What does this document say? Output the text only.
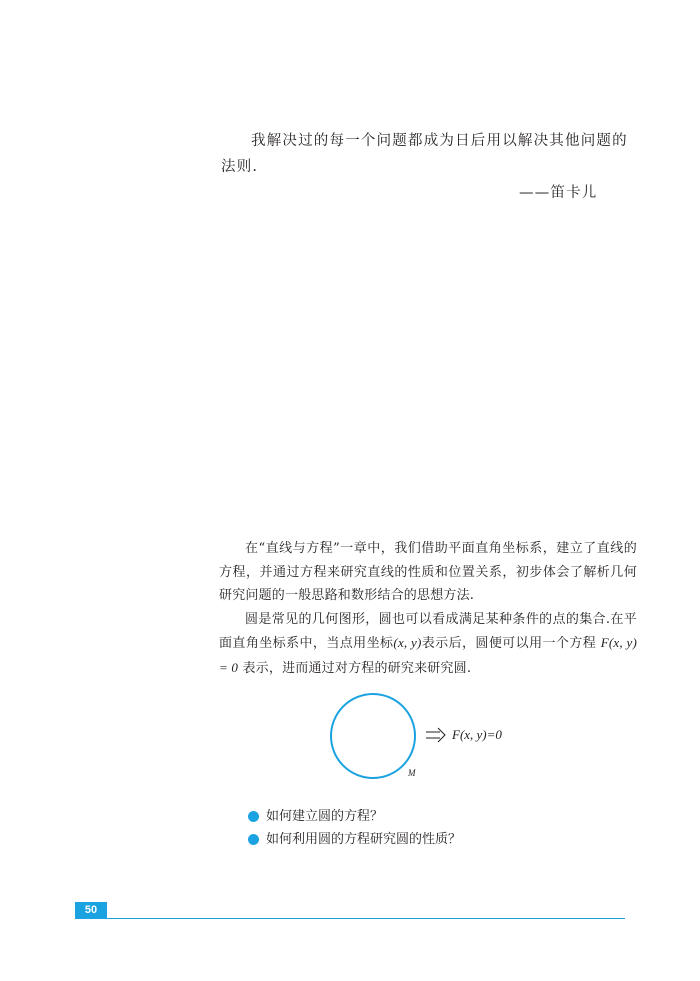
我解决过的每一个问题都成为日后用以解决其他问题的法则.

——笛卡儿

在“直线与方程”一章中，我们借助平面直角坐标系，建立了直线的方程，并通过方程来研究直线的性质和位置关系，初步体会了解析几何研究问题的一般思路和数形结合的思想方法.

圆是常见的几何图形，圆也可以看成满足某种条件的点的集合.在平面直角坐标系中，当点用坐标(x, y)表示后，圆便可以用一个方程 F(x, y) = 0 表示，进而通过对方程的研究来研究圆.

M
F(x, y)=0
如何建立圆的方程？
如何利用圆的方程研究圆的性质？
50
